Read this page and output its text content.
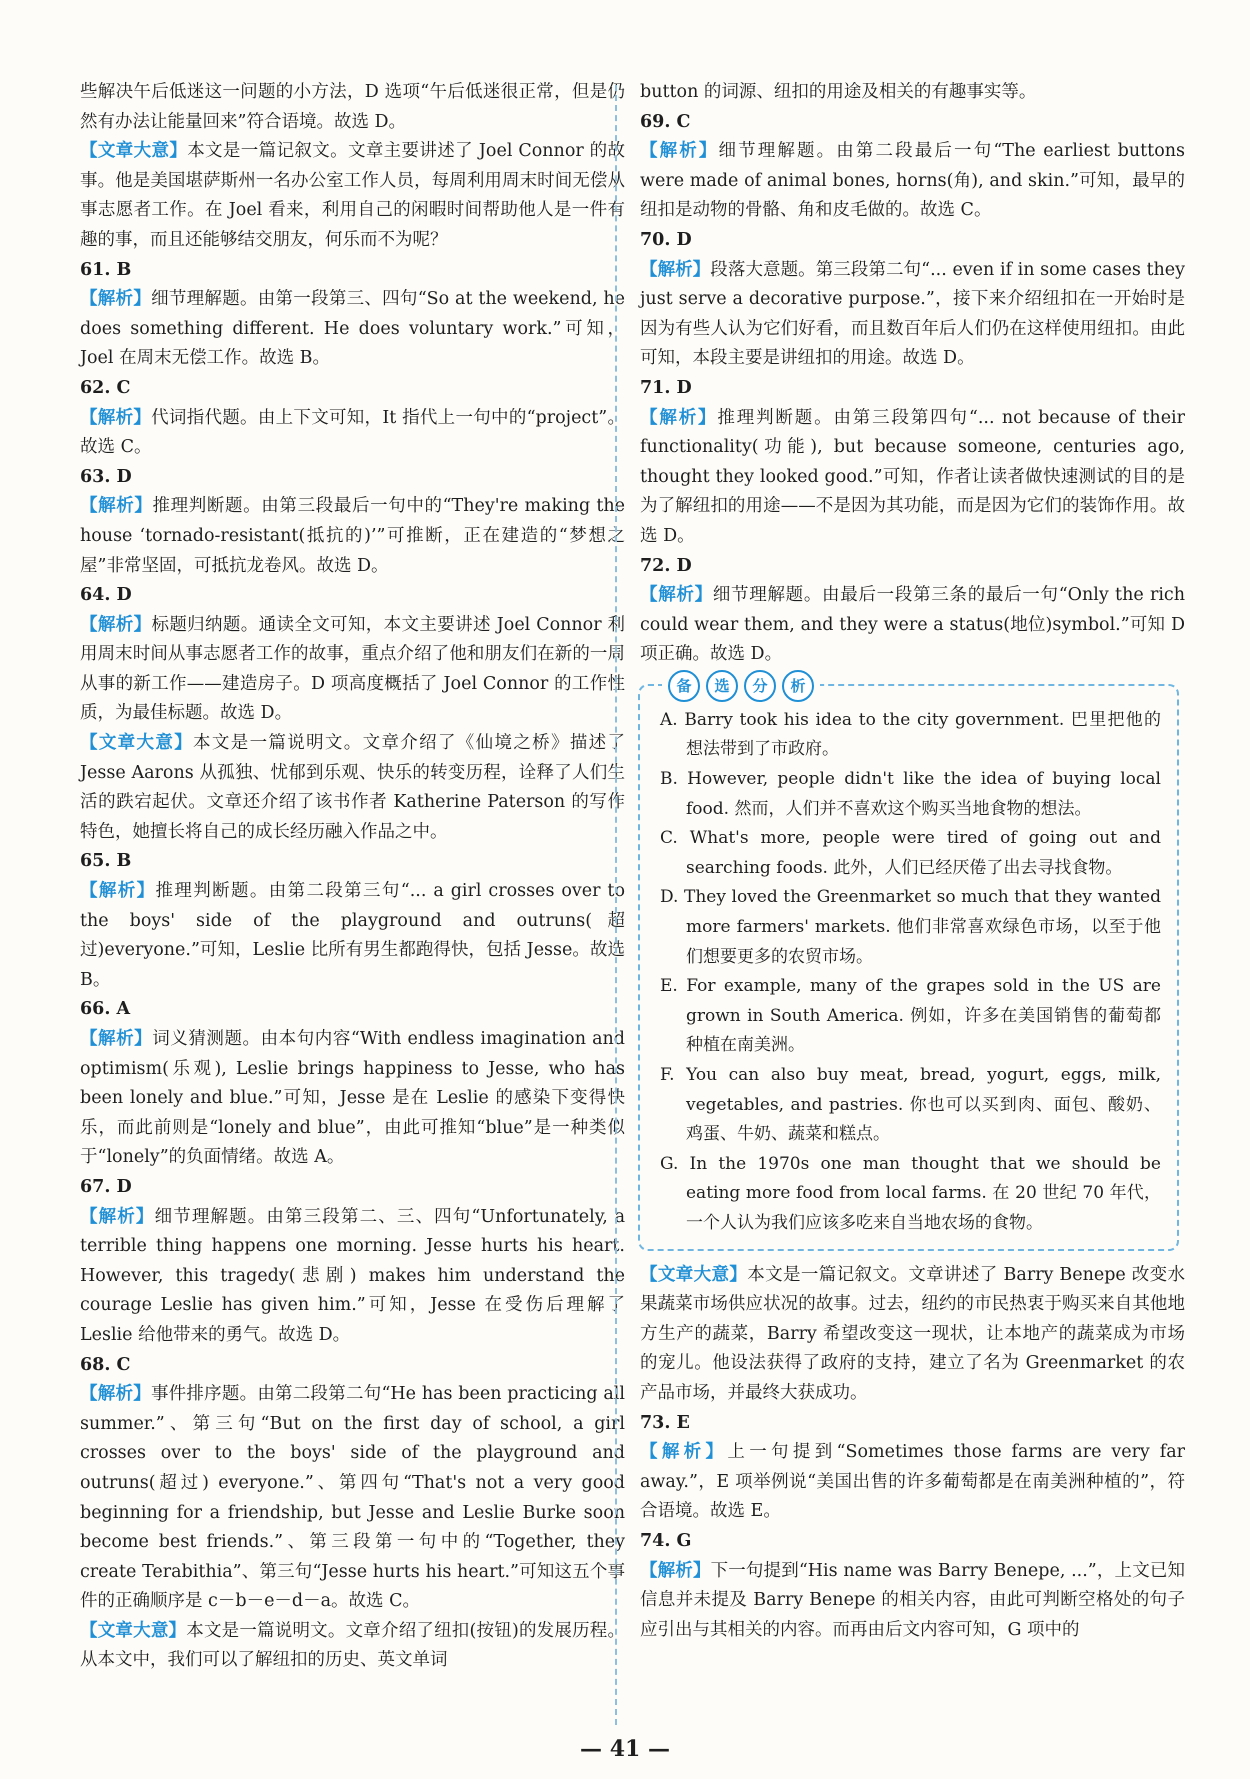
些解决午后低迷这一问题的小方法，D 选项“午后低迷很正常，但是仍然有办法让能量回来”符合语境。故选 D。
【文章大意】本文是一篇记叙文。文章主要讲述了 Joel Connor 的故事。他是美国堪萨斯州一名办公室工作人员，每周利用周末时间无偿从事志愿者工作。在 Joel 看来，利用自己的闲暇时间帮助他人是一件有趣的事，而且还能够结交朋友，何乐而不为呢？
61. B
【解析】细节理解题。由第一段第三、四句“So at the weekend, he does something different. He does voluntary work.”可知，Joel 在周末无偿工作。故选 B。
62. C
【解析】代词指代题。由上下文可知，It 指代上一句中的“project”。故选 C。
63. D
【解析】推理判断题。由第三段最后一句中的“They're making the house ‘tornado-resistant(抵抗的)’”可推断，正在建造的“梦想之屋”非常坚固，可抵抗龙卷风。故选 D。
64. D
【解析】标题归纳题。通读全文可知，本文主要讲述 Joel Connor 利用周末时间从事志愿者工作的故事，重点介绍了他和朋友们在新的一周从事的新工作——建造房子。D 项高度概括了 Joel Connor 的工作性质，为最佳标题。故选 D。
【文章大意】本文是一篇说明文。文章介绍了《仙境之桥》描述了 Jesse Aarons 从孤独、忧郁到乐观、快乐的转变历程，诠释了人们生活的跌宕起伏。文章还介绍了该书作者 Katherine Paterson 的写作特色，她擅长将自己的成长经历融入作品之中。
65. B
【解析】推理判断题。由第二段第三句“... a girl crosses over to the boys' side of the playground and outruns(超过)everyone.”可知，Leslie 比所有男生都跑得快，包括 Jesse。故选 B。
66. A
【解析】词义猜测题。由本句内容“With endless imagination and optimism(乐观), Leslie brings happiness to Jesse, who has been lonely and blue.”可知，Jesse 是在 Leslie 的感染下变得快乐，而此前则是“lonely and blue”，由此可推知“blue”是一种类似于“lonely”的负面情绪。故选 A。
67. D
【解析】细节理解题。由第三段第二、三、四句“Unfortunately, a terrible thing happens one morning. Jesse hurts his heart. However, this tragedy(悲剧) makes him understand the courage Leslie has given him.”可知，Jesse 在受伤后理解了 Leslie 给他带来的勇气。故选 D。
68. C
【解析】事件排序题。由第二段第二句“He has been practicing all summer.”、第三句“But on the first day of school, a girl crosses over to the boys' side of the playground and outruns(超过) everyone.”、第四句“That's not a very good beginning for a friendship, but Jesse and Leslie Burke soon become best friends.”、第三段第一句中的“Together, they create Terabithia”、第三句“Jesse hurts his heart.”可知这五个事件的正确顺序是 c－b－e－d－a。故选 C。
【文章大意】本文是一篇说明文。文章介绍了纽扣(按钮)的发展历程。从本文中，我们可以了解纽扣的历史、英文单词
button 的词源、纽扣的用途及相关的有趣事实等。
69. C
【解析】细节理解题。由第二段最后一句“The earliest buttons were made of animal bones, horns(角), and skin.”可知，最早的纽扣是动物的骨骼、角和皮毛做的。故选 C。
70. D
【解析】段落大意题。第三段第二句“... even if in some cases they just serve a decorative purpose.”，接下来介绍纽扣在一开始时是因为有些人认为它们好看，而且数百年后人们仍在这样使用纽扣。由此可知，本段主要是讲纽扣的用途。故选 D。
71. D
【解析】推理判断题。由第三段第四句“... not because of their functionality(功能), but because someone, centuries ago, thought they looked good.”可知，作者让读者做快速测试的目的是为了解纽扣的用途——不是因为其功能，而是因为它们的装饰作用。故选 D。
72. D
【解析】细节理解题。由最后一段第三条的最后一句“Only the rich could wear them, and they were a status(地位)symbol.”可知 D 项正确。故选 D。
备	选	分	析
A. Barry took his idea to the city government. 巴里把他的想法带到了市政府。
B. However, people didn't like the idea of buying local food. 然而，人们并不喜欢这个购买当地食物的想法。
C. What's more, people were tired of going out and searching foods. 此外，人们已经厌倦了出去寻找食物。
D. They loved the Greenmarket so much that they wanted more farmers' markets. 他们非常喜欢绿色市场，以至于他们想要更多的农贸市场。
E. For example, many of the grapes sold in the US are grown in South America. 例如，许多在美国销售的葡萄都种植在南美洲。
F. You can also buy meat, bread, yogurt, eggs, milk, vegetables, and pastries. 你也可以买到肉、面包、酸奶、鸡蛋、牛奶、蔬菜和糕点。
G. In the 1970s one man thought that we should be eating more food from local farms. 在 20 世纪 70 年代，一个人认为我们应该多吃来自当地农场的食物。
【文章大意】本文是一篇记叙文。文章讲述了 Barry Benepe 改变水果蔬菜市场供应状况的故事。过去，纽约的市民热衷于购买来自其他地方生产的蔬菜，Barry 希望改变这一现状，让本地产的蔬菜成为市场的宠儿。他设法获得了政府的支持，建立了名为 Greenmarket 的农产品市场，并最终大获成功。
73. E
【解析】上一句提到“Sometimes those farms are very far away.”，E 项举例说“美国出售的许多葡萄都是在南美洲种植的”，符合语境。故选 E。
74. G
【解析】下一句提到“His name was Barry Benepe, ...”，上文已知信息并未提及 Barry Benepe 的相关内容，由此可判断空格处的句子应引出与其相关的内容。而再由后文内容可知，G 项中的
— 41 —
